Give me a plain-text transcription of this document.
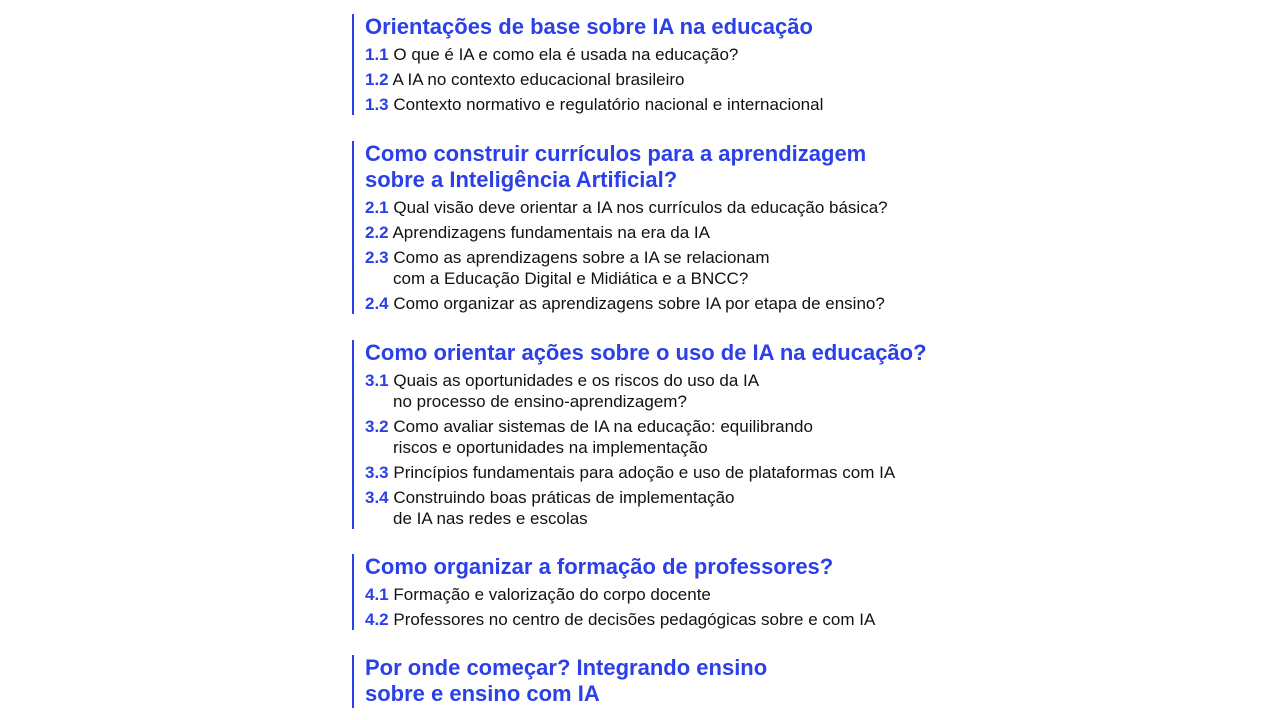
Orientações de base sobre IA na educação
1.1 O que é IA e como ela é usada na educação?
1.2 A IA no contexto educacional brasileiro
1.3 Contexto normativo e regulatório nacional e internacional
Como construir currículos para a aprendizagem
sobre a Inteligência Artificial?
2.1 Qual visão deve orientar a IA nos currículos da educação básica?
2.2 Aprendizagens fundamentais na era da IA
2.3 Como as aprendizagens sobre a IA se relacionam
com a Educação Digital e Midiática e a BNCC?
2.4 Como organizar as aprendizagens sobre IA por etapa de ensino?
Como orientar ações sobre o uso de IA na educação?
3.1 Quais as oportunidades e os riscos do uso da IA
no processo de ensino-aprendizagem?
3.2 Como avaliar sistemas de IA na educação: equilibrando
riscos e oportunidades na implementação
3.3 Princípios fundamentais para adoção e uso de plataformas com IA
3.4 Construindo boas práticas de implementação
de IA nas redes e escolas
Como organizar a formação de professores?
4.1 Formação e valorização do corpo docente
4.2 Professores no centro de decisões pedagógicas sobre e com IA
Por onde começar? Integrando ensino
sobre e ensino com IA
